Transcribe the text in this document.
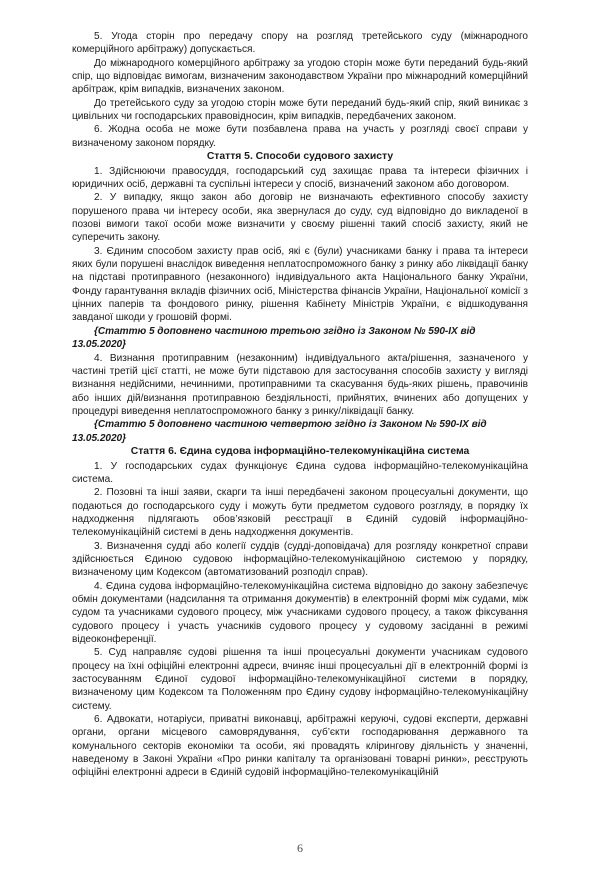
5. Угода сторін про передачу спору на розгляд третейського суду (міжнародного комерційного арбітражу) допускається.

До міжнародного комерційного арбітражу за угодою сторін може бути переданий будь-який спір, що відповідає вимогам, визначеним законодавством України про міжнародний комерційний арбітраж, крім випадків, визначених законом.

До третейського суду за угодою сторін може бути переданий будь-який спір, який виникає з цивільних чи господарських правовідносин, крім випадків, передбачених законом.

6. Жодна особа не може бути позбавлена права на участь у розгляді своєї справи у визначеному законом порядку.

Стаття 5. Способи судового захисту

1. Здійснюючи правосуддя, господарський суд захищає права та інтереси фізичних і юридичних осіб, державні та суспільні інтереси у спосіб, визначений законом або договором.

2. У випадку, якщо закон або договір не визначають ефективного способу захисту порушеного права чи інтересу особи, яка звернулася до суду, суд відповідно до викладеної в позові вимоги такої особи може визначити у своєму рішенні такий спосіб захисту, який не суперечить закону.

3. Єдиним способом захисту прав осіб, які є (були) учасниками банку і права та інтереси яких були порушені внаслідок виведення неплатоспроможного банку з ринку або ліквідації банку на підставі протиправного (незаконного) індивідуального акта Національного банку України, Фонду гарантування вкладів фізичних осіб, Міністерства фінансів України, Національної комісії з цінних паперів та фондового ринку, рішення Кабінету Міністрів України, є відшкодування завданої шкоди у грошовій формі.

{Статтю 5 доповнено частиною третьою згідно із Законом № 590-IX від 13.05.2020}

4. Визнання протиправним (незаконним) індивідуального акта/рішення, зазначеного у частині третій цієї статті, не може бути підставою для застосування способів захисту у вигляді визнання недійсними, нечинними, протиправними та скасування будь-яких рішень, правочинів або інших дій/визнання протиправною бездіяльності, прийнятих, вчинених або допущених у процедурі виведення неплатоспроможного банку з ринку/ліквідації банку.

{Статтю 5 доповнено частиною четвертою згідно із Законом № 590-IX від 13.05.2020}

Стаття 6. Єдина судова інформаційно-телекомунікаційна система

1. У господарських судах функціонує Єдина судова інформаційно-телекомунікаційна система.

2. Позовні та інші заяви, скарги та інші передбачені законом процесуальні документи, що подаються до господарського суду і можуть бути предметом судового розгляду, в порядку їх надходження підлягають обов’язковій реєстрації в Єдиній судовій інформаційно-телекомунікаційній системі в день надходження документів.

3. Визначення судді або колегії суддів (судді-доповідача) для розгляду конкретної справи здійснюється Єдиною судовою інформаційно-телекомунікаційною системою у порядку, визначеному цим Кодексом (автоматизований розподіл справ).

4. Єдина судова інформаційно-телекомунікаційна система відповідно до закону забезпечує обмін документами (надсилання та отримання документів) в електронній формі між судами, між судом та учасниками судового процесу, між учасниками судового процесу, а також фіксування судового процесу і участь учасників судового процесу у судовому засіданні в режимі відеоконференції.

5. Суд направляє судові рішення та інші процесуальні документи учасникам судового процесу на їхні офіційні електронні адреси, вчиняє інші процесуальні дії в електронній формі із застосуванням Єдиної судової інформаційно-телекомунікаційної системи в порядку, визначеному цим Кодексом та Положенням про Єдину судову інформаційно-телекомунікаційну систему.

6. Адвокати, нотаріуси, приватні виконавці, арбітражні керуючі, судові експерти, державні органи, органи місцевого самоврядування, суб’єкти господарювання державного та комунального секторів економіки та особи, які провадять клірингову діяльність у значенні, наведеному в Законі України «Про ринки капіталу та організовані товарні ринки», реєструють офіційні електронні адреси в Єдиній судовій інформаційно-телекомунікаційній

6
